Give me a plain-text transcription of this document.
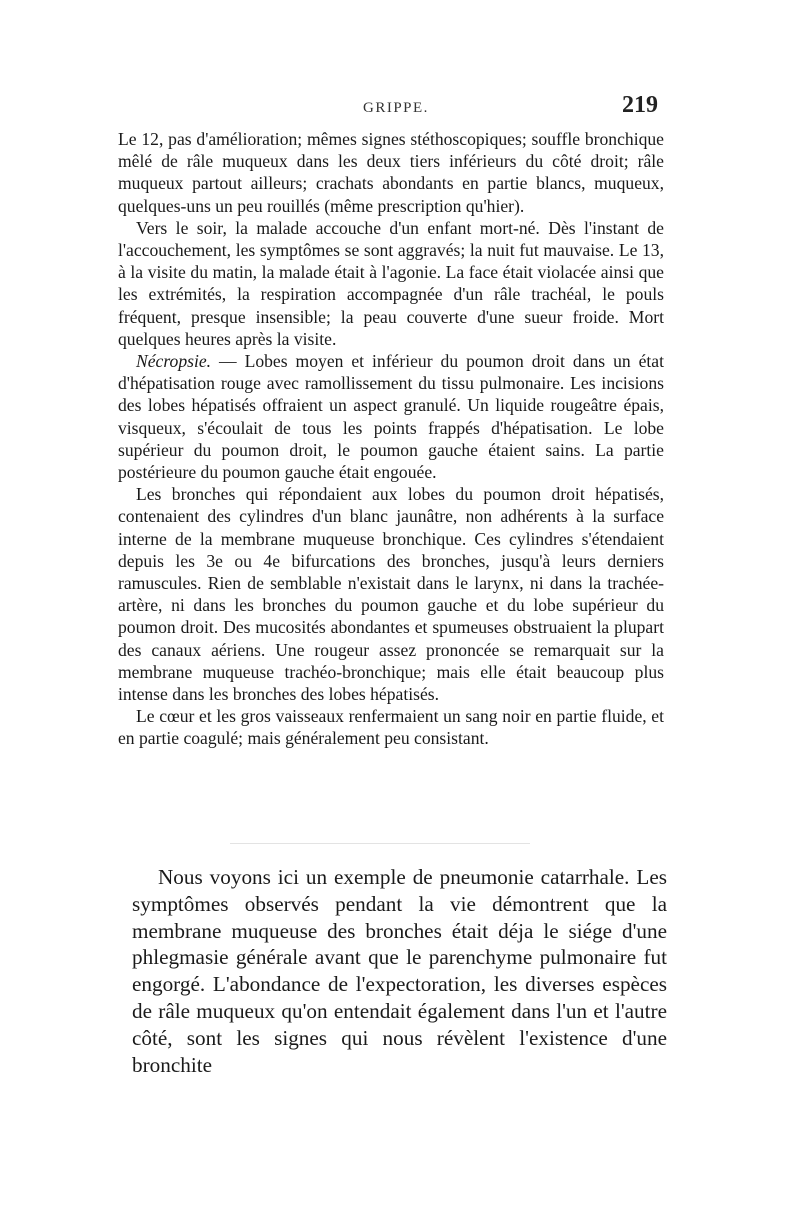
GRIPPE.	219

Le 12, pas d'amélioration; mêmes signes stéthoscopiques; souffle bronchique mêlé de râle muqueux dans les deux tiers inférieurs du côté droit; râle muqueux partout ailleurs; crachats abondants en partie blancs, muqueux, quelques-uns un peu rouillés (même prescription qu'hier).

Vers le soir, la malade accouche d'un enfant mort-né. Dès l'instant de l'accouchement, les symptômes se sont aggravés; la nuit fut mauvaise. Le 13, à la visite du matin, la malade était à l'agonie. La face était violacée ainsi que les extrémités, la respiration accompagnée d'un râle trachéal, le pouls fréquent, presque insensible; la peau couverte d'une sueur froide. Mort quelques heures après la visite.

Nécropsie. — Lobes moyen et inférieur du poumon droit dans un état d'hépatisation rouge avec ramollissement du tissu pulmonaire. Les incisions des lobes hépatisés offraient un aspect granulé. Un liquide rougeâtre épais, visqueux, s'écoulait de tous les points frappés d'hépatisation. Le lobe supérieur du poumon droit, le poumon gauche étaient sains. La partie postérieure du poumon gauche était engouée.

Les bronches qui répondaient aux lobes du poumon droit hépatisés, contenaient des cylindres d'un blanc jaunâtre, non adhérents à la surface interne de la membrane muqueuse bronchique. Ces cylindres s'étendaient depuis les 3e ou 4e bifurcations des bronches, jusqu'à leurs derniers ramuscules. Rien de semblable n'existait dans le larynx, ni dans la trachée-artère, ni dans les bronches du poumon gauche et du lobe supérieur du poumon droit. Des mucosités abondantes et spumeuses obstruaient la plupart des canaux aériens. Une rougeur assez prononcée se remarquait sur la membrane muqueuse trachéo-bronchique; mais elle était beaucoup plus intense dans les bronches des lobes hépatisés.

Le cœur et les gros vaisseaux renfermaient un sang noir en partie fluide, et en partie coagulé; mais généralement peu consistant.

Nous voyons ici un exemple de pneumonie catarrhale. Les symptômes observés pendant la vie démontrent que la membrane muqueuse des bronches était déja le siége d'une phlegmasie générale avant que le parenchyme pulmonaire fut engorgé. L'abondance de l'expectoration, les diverses espèces de râle muqueux qu'on entendait également dans l'un et l'autre côté, sont les signes qui nous révèlent l'existence d'une bronchite
